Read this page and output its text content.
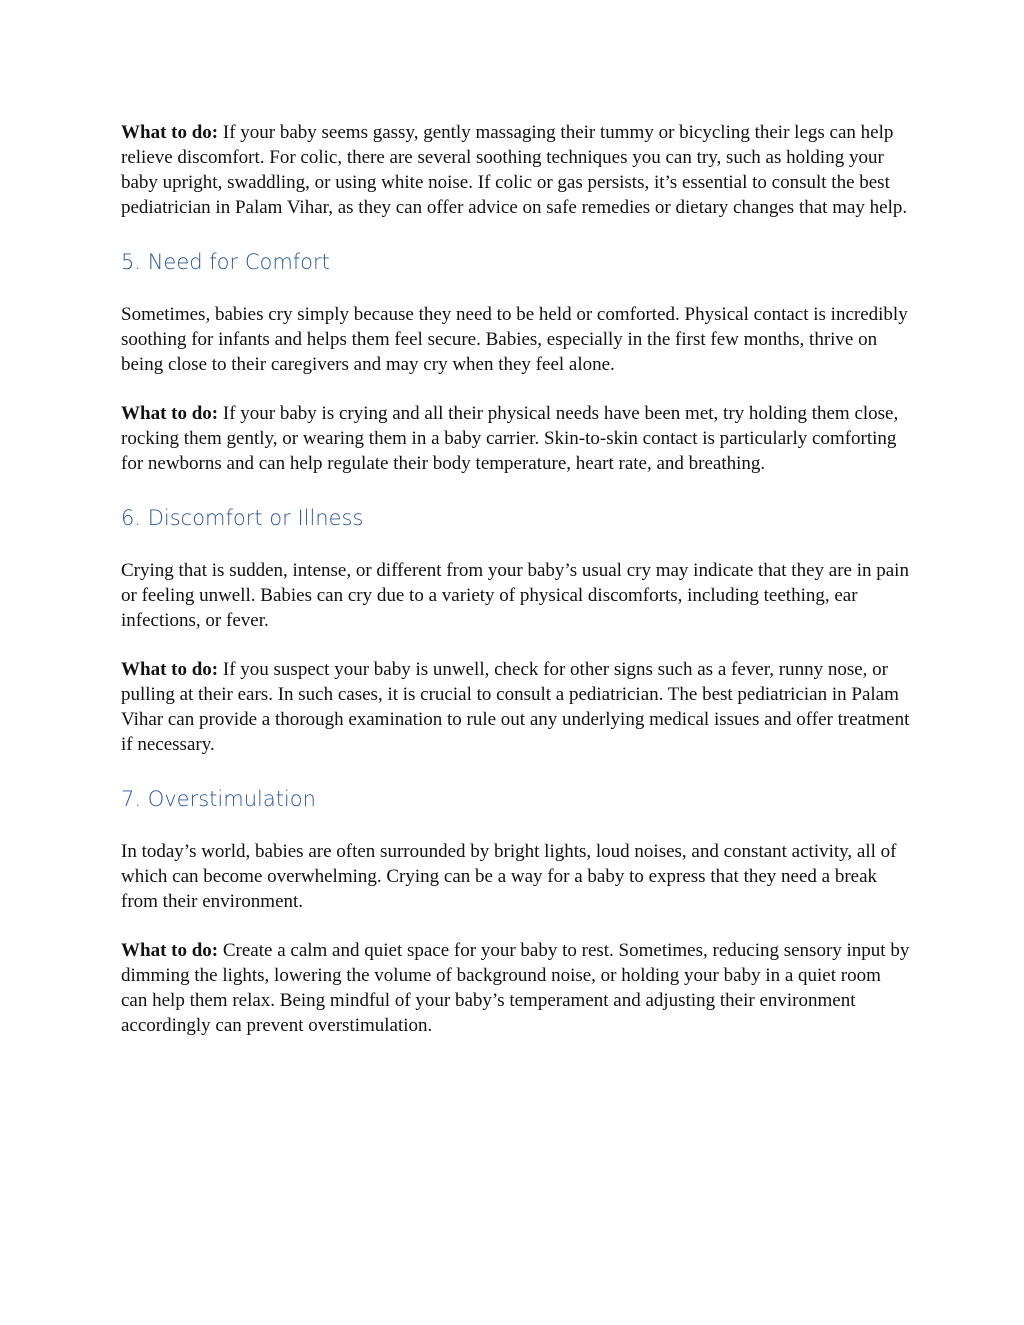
What to do: If your baby seems gassy, gently massaging their tummy or bicycling their legs can help relieve discomfort. For colic, there are several soothing techniques you can try, such as holding your baby upright, swaddling, or using white noise. If colic or gas persists, it’s essential to consult the best pediatrician in Palam Vihar, as they can offer advice on safe remedies or dietary changes that may help.

5. Need for Comfort

Sometimes, babies cry simply because they need to be held or comforted. Physical contact is incredibly soothing for infants and helps them feel secure. Babies, especially in the first few months, thrive on being close to their caregivers and may cry when they feel alone.

What to do: If your baby is crying and all their physical needs have been met, try holding them close, rocking them gently, or wearing them in a baby carrier. Skin-to-skin contact is particularly comforting for newborns and can help regulate their body temperature, heart rate, and breathing.

6. Discomfort or Illness

Crying that is sudden, intense, or different from your baby’s usual cry may indicate that they are in pain or feeling unwell. Babies can cry due to a variety of physical discomforts, including teething, ear infections, or fever.

What to do: If you suspect your baby is unwell, check for other signs such as a fever, runny nose, or pulling at their ears. In such cases, it is crucial to consult a pediatrician. The best pediatrician in Palam Vihar can provide a thorough examination to rule out any underlying medical issues and offer treatment if necessary.

7. Overstimulation

In today’s world, babies are often surrounded by bright lights, loud noises, and constant activity, all of which can become overwhelming. Crying can be a way for a baby to express that they need a break from their environment.

What to do: Create a calm and quiet space for your baby to rest. Sometimes, reducing sensory input by dimming the lights, lowering the volume of background noise, or holding your baby in a quiet room can help them relax. Being mindful of your baby’s temperament and adjusting their environment accordingly can prevent overstimulation.
